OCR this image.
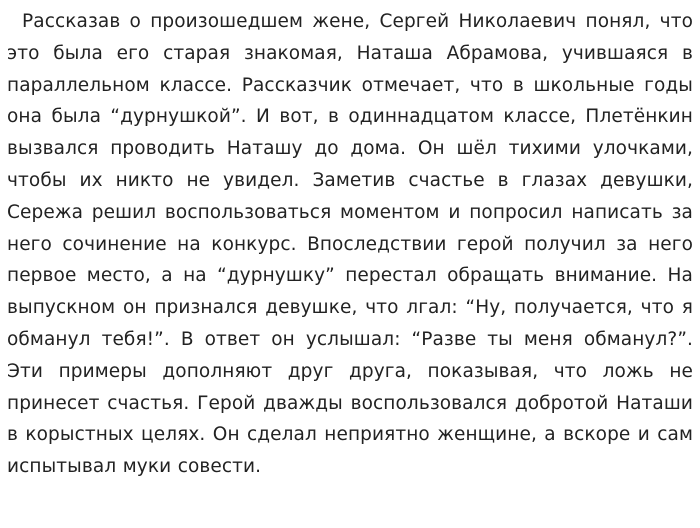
Рассказав о произошедшем жене, Сергей Николаевич понял, что это была его старая знакомая, Наташа Абрамова, учившаяся в параллельном классе. Рассказчик отмечает, что в школьные годы она была “дурнушкой”. И вот, в одиннадцатом классе, Плетёнкин вызвался проводить Наташу до дома. Он шёл тихими улочками, чтобы их никто не увидел. Заметив счастье в глазах девушки, Сережа решил воспользоваться моментом и попросил написать за него сочинение на конкурс. Впоследствии герой получил за него первое место, а на “дурнушку” перестал обращать внимание. На выпускном он признался девушке, что лгал: “Ну, получается, что я обманул тебя!”. В ответ он услышал: “Разве ты меня обманул?”. Эти примеры дополняют друг друга, показывая, что ложь не принесет счастья. Герой дважды воспользовался добротой Наташи в корыстных целях. Он сделал неприятно женщине, а вскоре и сам испытывал муки совести.
